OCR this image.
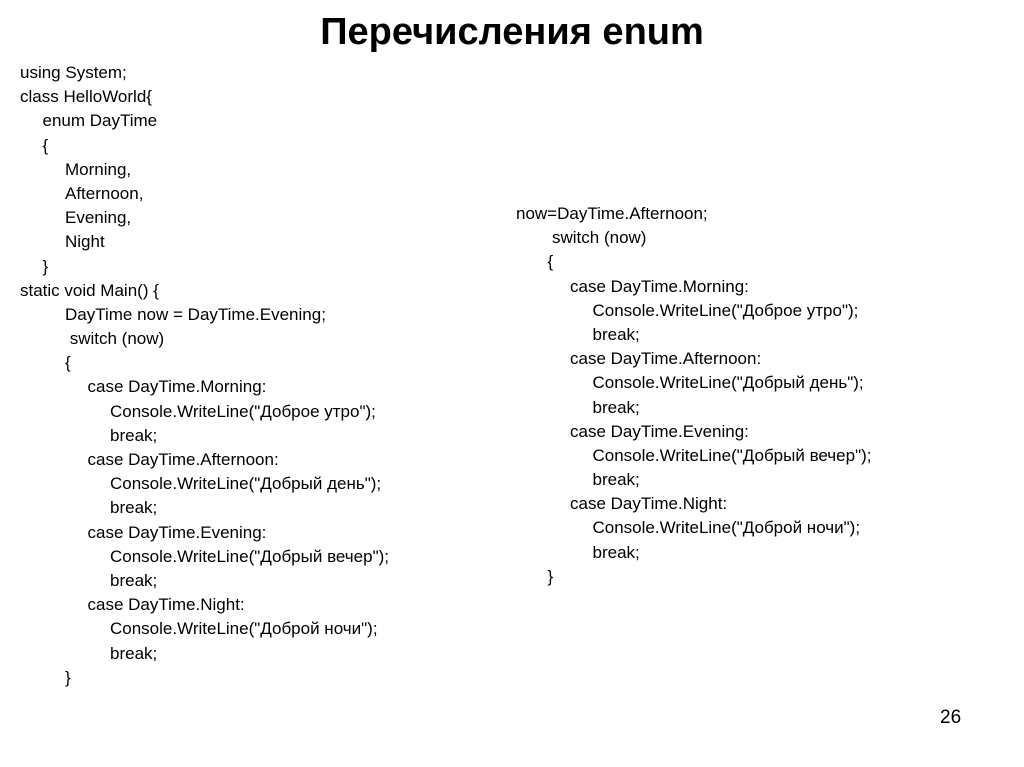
Перечисления enum
using System;
class HelloWorld{
enum DayTime
{
Morning,
Afternoon,
Evening,
Night
}
static void Main() {
DayTime now = DayTime.Evening;
switch (now)
{
case DayTime.Morning:
Console.WriteLine("Доброе утро");
break;
case DayTime.Afternoon:
Console.WriteLine("Добрый день");
break;
case DayTime.Evening:
Console.WriteLine("Добрый вечер");
break;
case DayTime.Night:
Console.WriteLine("Доброй ночи");
break;
}
now=DayTime.Afternoon;
switch (now)
{
case DayTime.Morning:
Console.WriteLine("Доброе утро");
break;
case DayTime.Afternoon:
Console.WriteLine("Добрый день");
break;
case DayTime.Evening:
Console.WriteLine("Добрый вечер");
break;
case DayTime.Night:
Console.WriteLine("Доброй ночи");
break;
}
26
